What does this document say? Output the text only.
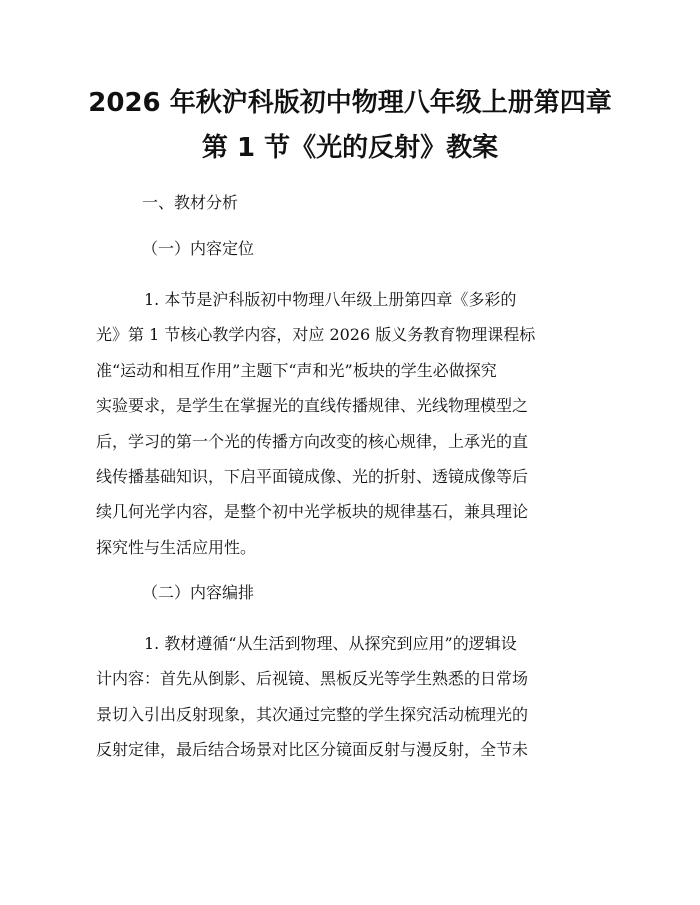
2026 年秋沪科版初中物理八年级上册第四章
第 1 节《光的反射》教案
一、教材分析
（一）内容定位
1. 本节是沪科版初中物理八年级上册第四章《多彩的
光》第 1 节核心教学内容，对应 2026 版义务教育物理课程标
准“运动和相互作用”主题下“声和光”板块的学生必做探究
实验要求，是学生在掌握光的直线传播规律、光线物理模型之
后，学习的第一个光的传播方向改变的核心规律，上承光的直
线传播基础知识，下启平面镜成像、光的折射、透镜成像等后
续几何光学内容，是整个初中光学板块的规律基石，兼具理论
探究性与生活应用性。
（二）内容编排
1. 教材遵循“从生活到物理、从探究到应用”的逻辑设
计内容：首先从倒影、后视镜、黑板反光等学生熟悉的日常场
景切入引出反射现象，其次通过完整的学生探究活动梳理光的
反射定律，最后结合场景对比区分镜面反射与漫反射，全节未
